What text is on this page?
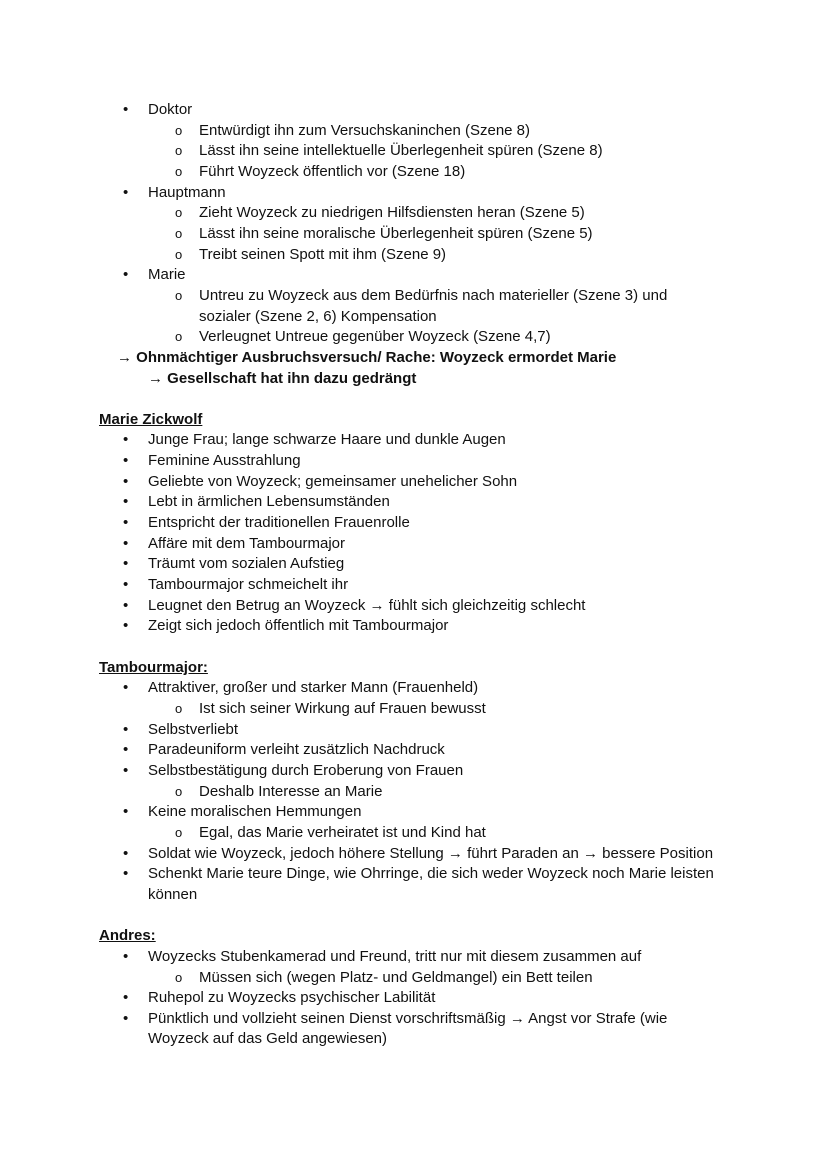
• Doktor
o Entwürdigt ihn zum Versuchskaninchen (Szene 8)
o Lässt ihn seine intellektuelle Überlegenheit spüren (Szene 8)
o Führt Woyzeck öffentlich vor (Szene 18)
• Hauptmann
o Zieht Woyzeck zu niedrigen Hilfsdiensten heran (Szene 5)
o Lässt ihn seine moralische Überlegenheit spüren (Szene 5)
o Treibt seinen Spott mit ihm (Szene 9)
• Marie
o Untreu zu Woyzeck aus dem Bedürfnis nach materieller (Szene 3) und sozialer (Szene 2, 6) Kompensation
o Verleugnet Untreue gegenüber Woyzeck (Szene 4,7)
→ Ohnmächtiger Ausbruchsversuch/ Rache: Woyzeck ermordet Marie
→ Gesellschaft hat ihn dazu gedrängt
Marie Zickwolf
• Junge Frau; lange schwarze Haare und dunkle Augen
• Feminine Ausstrahlung
• Geliebte von Woyzeck; gemeinsamer unehelicher Sohn
• Lebt in ärmlichen Lebensumständen
• Entspricht der traditionellen Frauenrolle
• Affäre mit dem Tambourmajor
• Träumt vom sozialen Aufstieg
• Tambourmajor schmeichelt ihr
• Leugnet den Betrug an Woyzeck → fühlt sich gleichzeitig schlecht
• Zeigt sich jedoch öffentlich mit Tambourmajor
Tambourmajor:
• Attraktiver, großer und starker Mann (Frauenheld)
o Ist sich seiner Wirkung auf Frauen bewusst
• Selbstverliebt
• Paradeuniform verleiht zusätzlich Nachdruck
• Selbstbestätigung durch Eroberung von Frauen
o Deshalb Interesse an Marie
• Keine moralischen Hemmungen
o Egal, das Marie verheiratet ist und Kind hat
• Soldat wie Woyzeck, jedoch höhere Stellung → führt Paraden an → bessere Position
• Schenkt Marie teure Dinge, wie Ohrringe, die sich weder Woyzeck noch Marie leisten können
Andres:
• Woyzecks Stubenkamerad und Freund, tritt nur mit diesem zusammen auf
o Müssen sich (wegen Platz- und Geldmangel) ein Bett teilen
• Ruhepol zu Woyzecks psychischer Labilität
• Pünktlich und vollzieht seinen Dienst vorschriftsmäßig → Angst vor Strafe (wie Woyzeck auf das Geld angewiesen)
